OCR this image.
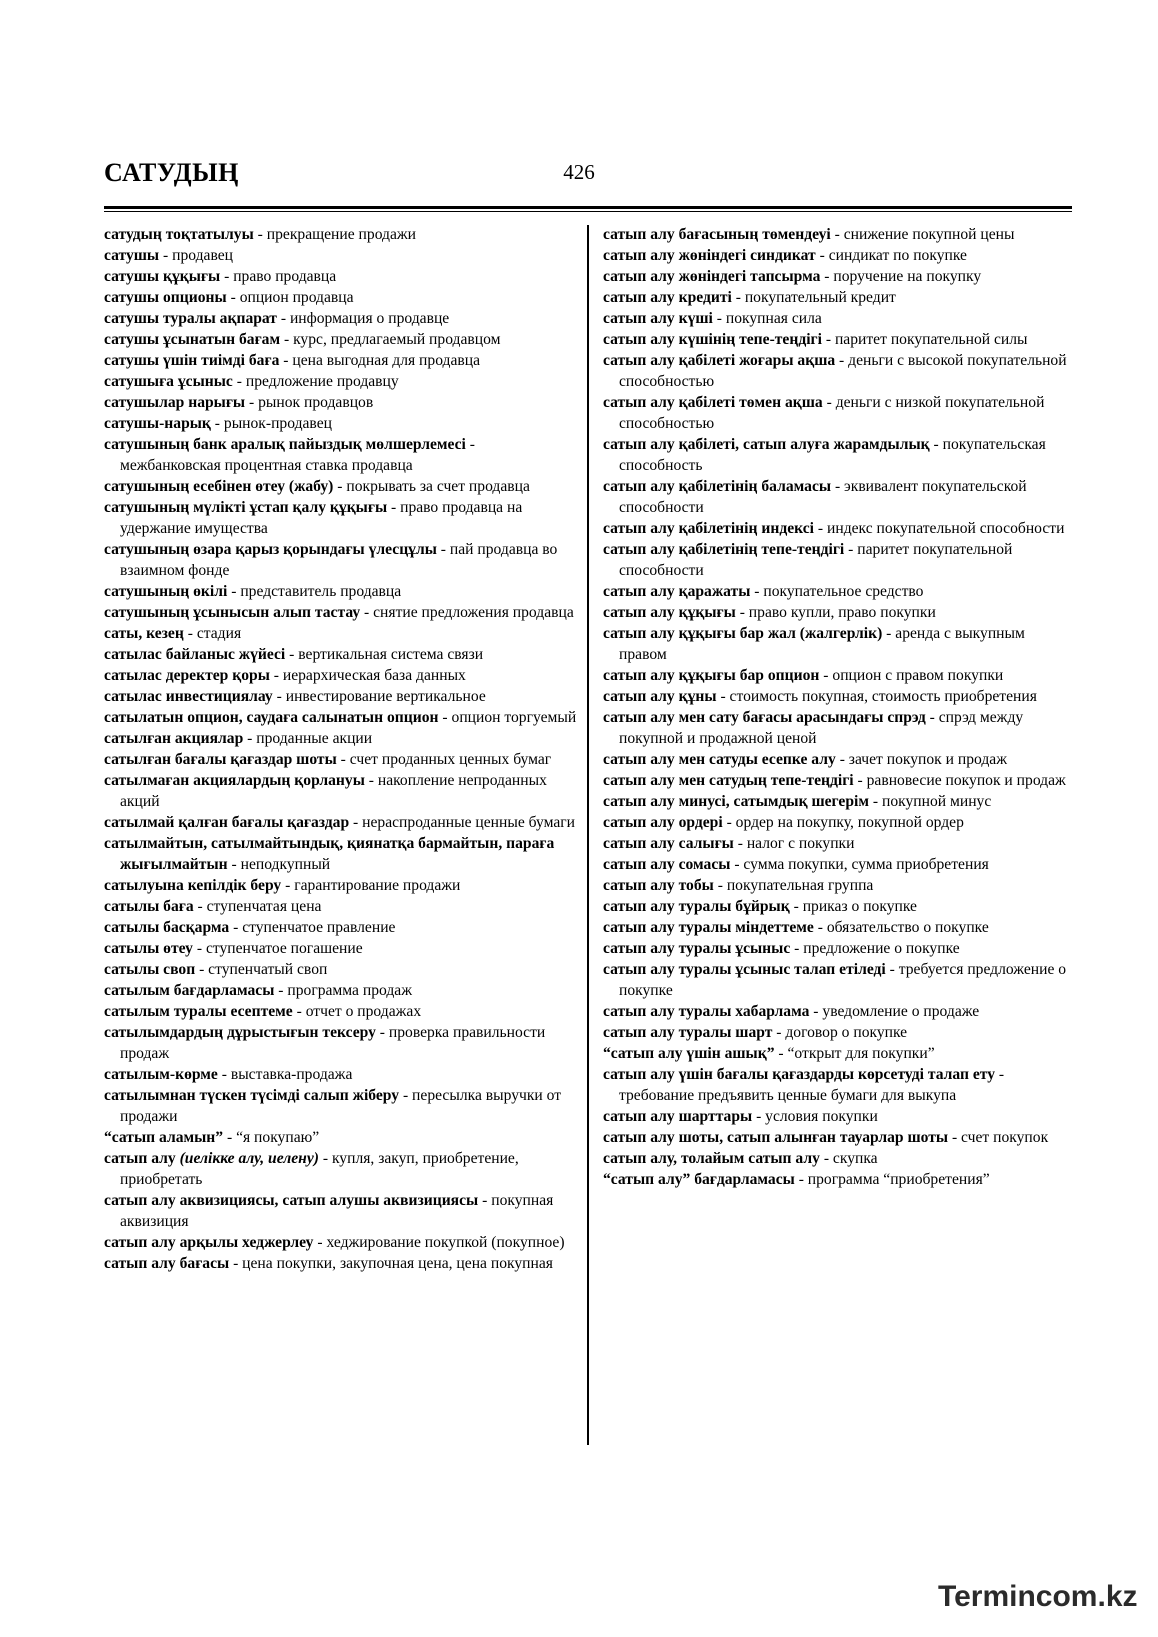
САТУДЫҢ	426

сатудың тоқтатылуы - прекращение продажи

сатушы - продавец

сатушы құқығы - право продавца

сатушы опционы - опцион продавца

сатушы туралы ақпарат - информация о продавце

сатушы ұсынатын бағам - курс, предлагаемый продавцом

сатушы үшін тиімді баға - цена выгодная для продавца

сатушыға ұсыныс - предложение продавцу

сатушылар нарығы - рынок продавцов

сатушы-нарық - рынок-продавец

сатушының банк аралық пайыздық мөлшерлемесі - межбанковская процентная ставка продавца

сатушының есебінен өтеу (жабу) - покрывать за счет продавца

сатушының мүлікті ұстап қалу құқығы - право продавца на удержание имущества

сатушының өзара қарыз қорындағы үлесцұлы - пай продавца во взаимном фонде

сатушының өкілі - представитель продавца

сатушының ұсынысын алып тастау - снятие предложения продавца

саты, кезең - стадия

сатылас байланыс жүйесі - вертикальная система связи

сатылас деректер қоры - иерархическая база данных

сатылас инвестициялау - инвестирование вертикальное

сатылатын опцион, саудаға салынатын опцион - опцион торгуемый

сатылған акциялар - проданные акции

сатылған бағалы қағаздар шоты - счет проданных ценных бумаг

сатылмаған акциялардың қорлануы - накопление непроданных акций

сатылмай қалған бағалы қағаздар - нераспроданные ценные бумаги

сатылмайтын, сатылмайтындық, қиянатқа бармайтын, параға жығылмайтын - неподкупный

сатылуына кепілдік беру - гарантирование продажи

сатылы баға - ступенчатая цена

сатылы басқарма - ступенчатое правление

сатылы өтеу - ступенчатое погашение

сатылы своп - ступенчатый своп

сатылым бағдарламасы - программа продаж

сатылым туралы есептеме - отчет о продажах

сатылымдардың дұрыстығын тексеру - проверка правильности продаж

сатылым-көрме - выставка-продажа

сатылымнан түскен түсімді салып жіберу - пересылка выручки от продажи

“сатып аламын” - “я покупаю”

сатып алу (иелікке алу, иелену) - купля, закуп, приобретение, приобретать

сатып алу аквизициясы, сатып алушы аквизициясы - покупная аквизиция

сатып алу арқылы хеджерлеу - хеджирование покупкой (покупное)

сатып алу бағасы - цена покупки, закупочная цена, цена покупная

сатып алу бағасының төмендеуі - снижение покупной цены

сатып алу жөніндегі синдикат - синдикат по покупке

сатып алу жөніндегі тапсырма - поручение на покупку

сатып алу кредиті - покупательный кредит

сатып алу күші - покупная сила

сатып алу күшінің тепе-теңдігі - паритет покупательной силы

сатып алу қабілеті жоғары ақша - деньги с высокой покупательной способностью

сатып алу қабілеті төмен ақша - деньги с низкой покупательной способностью

сатып алу қабілеті, сатып алуға жарамдылық - покупательская способность

сатып алу қабілетінің баламасы - эквивалент покупательской способности

сатып алу қабілетінің индексі - индекс покупательной способности

сатып алу қабілетінің тепе-теңдігі - паритет покупательной способности

сатып алу қаражаты - покупательное средство

сатып алу құқығы - право купли, право покупки

сатып алу құқығы бар жал (жалгерлік) - аренда с выкупным правом

сатып алу құқығы бар опцион - опцион с правом покупки

сатып алу құны - стоимость покупная, стоимость приобретения

сатып алу мен сату бағасы арасындағы спрэд - спрэд между покупной и продажной ценой

сатып алу мен сатуды есепке алу - зачет покупок и продаж

сатып алу мен сатудың тепе-теңдігі - равновесие покупок и продаж

сатып алу минусі, сатымдық шегерім - покупной минус

сатып алу ордері - ордер на покупку, покупной ордер

сатып алу салығы - налог с покупки

сатып алу сомасы - сумма покупки, сумма приобретения

сатып алу тобы - покупательная группа

сатып алу туралы бұйрық - приказ о покупке

сатып алу туралы міндеттеме - обязательство о покупке

сатып алу туралы ұсыныс - предложение о покупке

сатып алу туралы ұсыныс талап етіледі - требуется предложение о покупке

сатып алу туралы хабарлама - уведомление о продаже

сатып алу туралы шарт - договор о покупке

“сатып алу үшін ашық” - “открыт для покупки”

сатып алу үшін бағалы қағаздарды көрсетуді талап ету - требование предъявить ценные бумаги для выкупа

сатып алу шарттары - условия покупки

сатып алу шоты, сатып алынған тауарлар шоты - счет покупок

сатып алу, толайым сатып алу - скупка

“сатып алу” бағдарламасы - программа “приобретения”

Termincom.kz
